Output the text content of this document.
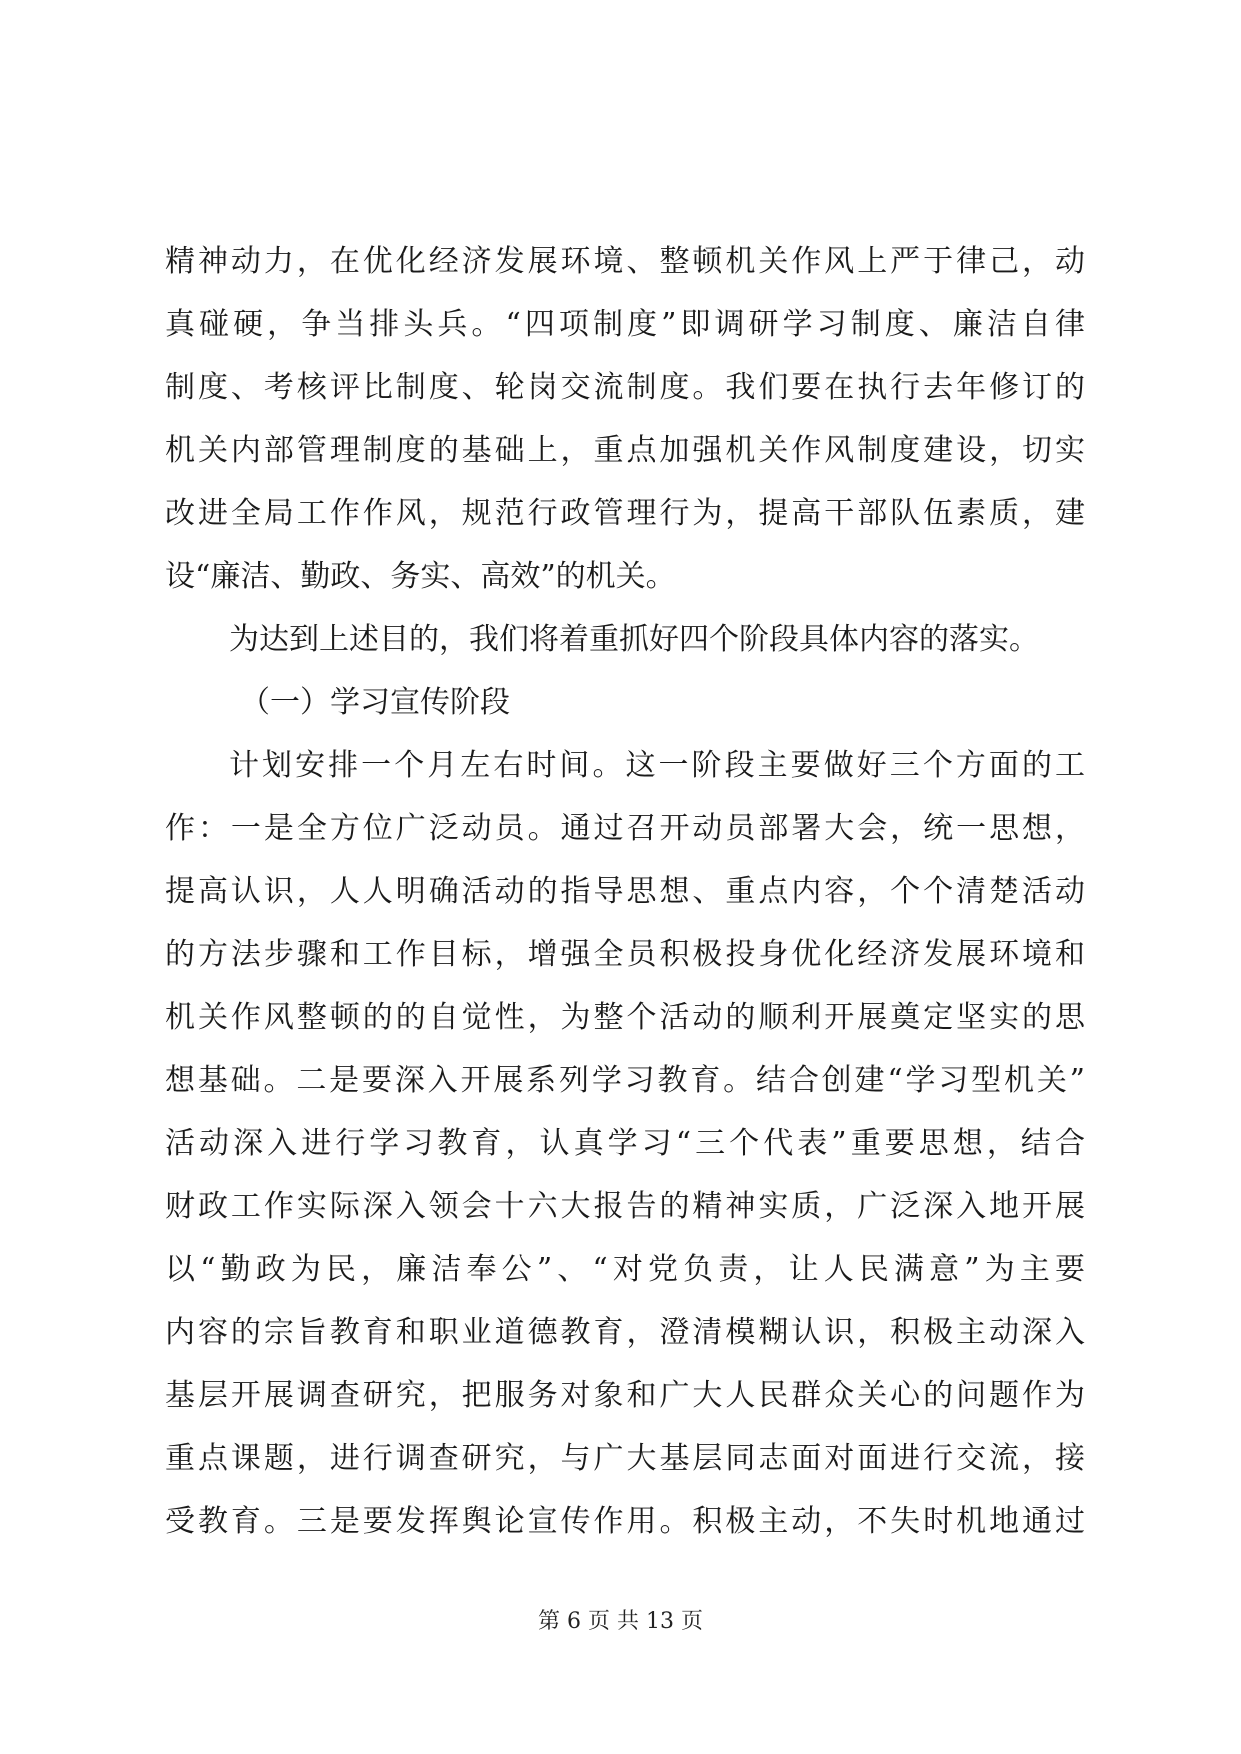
精神动力，在优化经济发展环境、整顿机关作风上严于律己，动
真碰硬，争当排头兵。“四项制度”即调研学习制度、廉洁自律
制度、考核评比制度、轮岗交流制度。我们要在执行去年修订的
机关内部管理制度的基础上，重点加强机关作风制度建设，切实
改进全局工作作风，规范行政管理行为，提高干部队伍素质，建
设“廉洁、勤政、务实、高效”的机关。
为达到上述目的，我们将着重抓好四个阶段具体内容的落实。
（一）学习宣传阶段
计划安排一个月左右时间。这一阶段主要做好三个方面的工
作：一是全方位广泛动员。通过召开动员部署大会，统一思想，
提高认识，人人明确活动的指导思想、重点内容，个个清楚活动
的方法步骤和工作目标，增强全员积极投身优化经济发展环境和
机关作风整顿的的自觉性，为整个活动的顺利开展奠定坚实的思
想基础。二是要深入开展系列学习教育。结合创建“学习型机关”
活动深入进行学习教育，认真学习“三个代表”重要思想，结合
财政工作实际深入领会十六大报告的精神实质，广泛深入地开展
以“勤政为民，廉洁奉公”、“对党负责，让人民满意”为主要
内容的宗旨教育和职业道德教育，澄清模糊认识，积极主动深入
基层开展调查研究，把服务对象和广大人民群众关心的问题作为
重点课题，进行调查研究，与广大基层同志面对面进行交流，接
受教育。三是要发挥舆论宣传作用。积极主动，不失时机地通过
第 6 页 共 13 页
